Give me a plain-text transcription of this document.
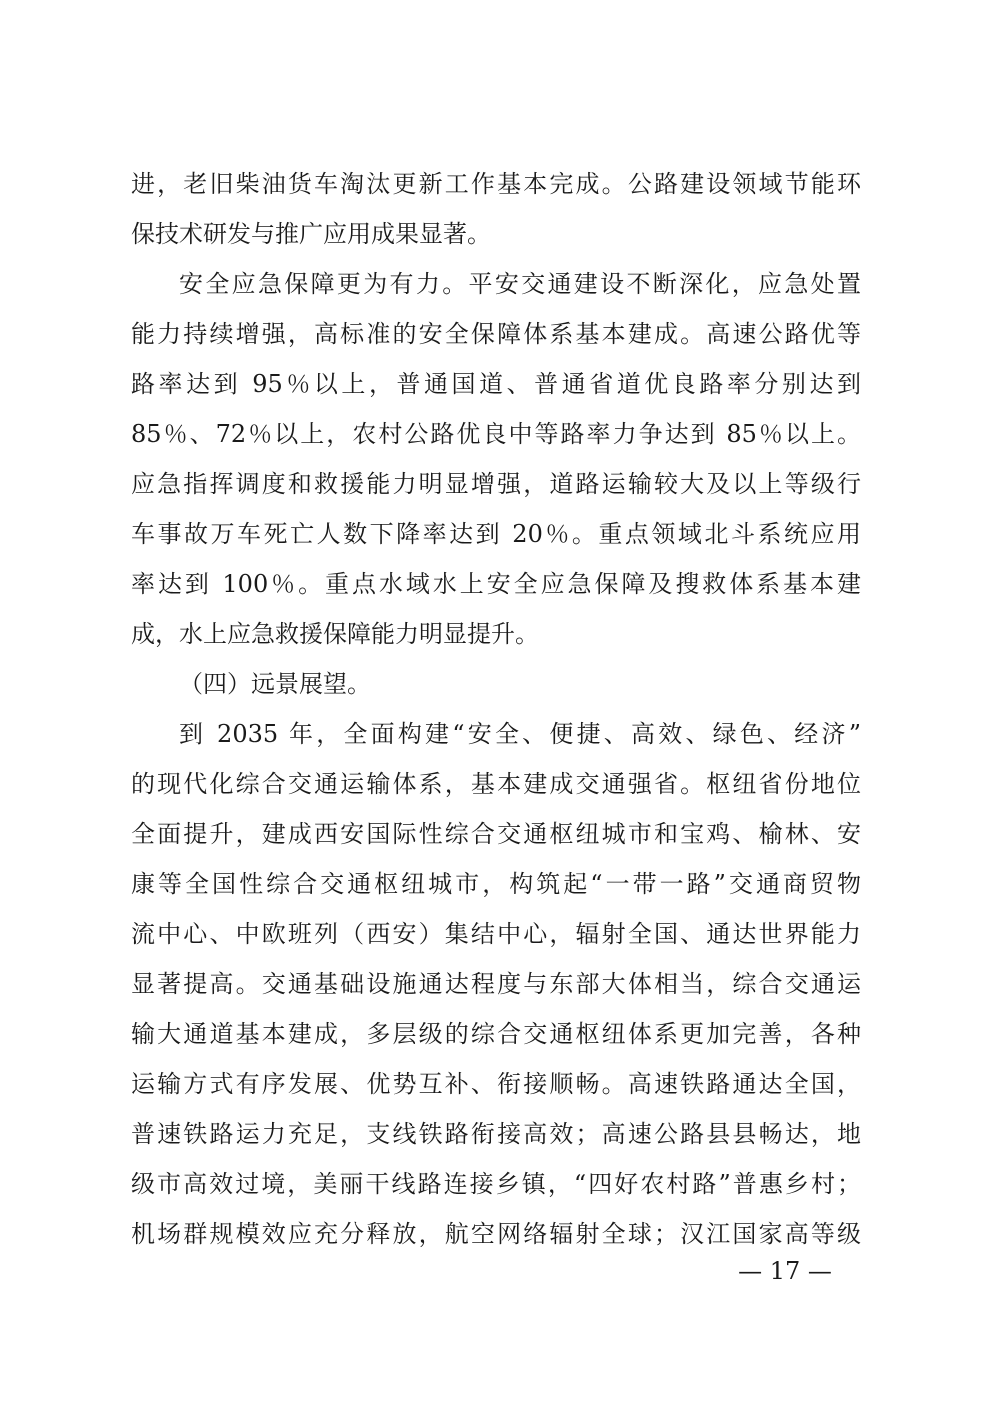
进，老旧柴油货车淘汰更新工作基本完成。公路建设领域节能环
保技术研发与推广应用成果显著。
安全应急保障更为有力。平安交通建设不断深化，应急处置
能力持续增强，高标准的安全保障体系基本建成。高速公路优等
路率达到 95％以上，普通国道、普通省道优良路率分别达到
85％、72％以上，农村公路优良中等路率力争达到 85％以上。
应急指挥调度和救援能力明显增强，道路运输较大及以上等级行
车事故万车死亡人数下降率达到 20％。重点领域北斗系统应用
率达到 100％。重点水域水上安全应急保障及搜救体系基本建
成，水上应急救援保障能力明显提升。
（四）远景展望。
到 2035 年，全面构建“安全、便捷、高效、绿色、经济”
的现代化综合交通运输体系，基本建成交通强省。枢纽省份地位
全面提升，建成西安国际性综合交通枢纽城市和宝鸡、榆林、安
康等全国性综合交通枢纽城市，构筑起“一带一路”交通商贸物
流中心、中欧班列（西安）集结中心，辐射全国、通达世界能力
显著提高。交通基础设施通达程度与东部大体相当，综合交通运
输大通道基本建成，多层级的综合交通枢纽体系更加完善，各种
运输方式有序发展、优势互补、衔接顺畅。高速铁路通达全国，
普速铁路运力充足，支线铁路衔接高效；高速公路县县畅达，地
级市高效过境，美丽干线路连接乡镇，“四好农村路”普惠乡村；
机场群规模效应充分释放，航空网络辐射全球；汉江国家高等级
— 17 —
